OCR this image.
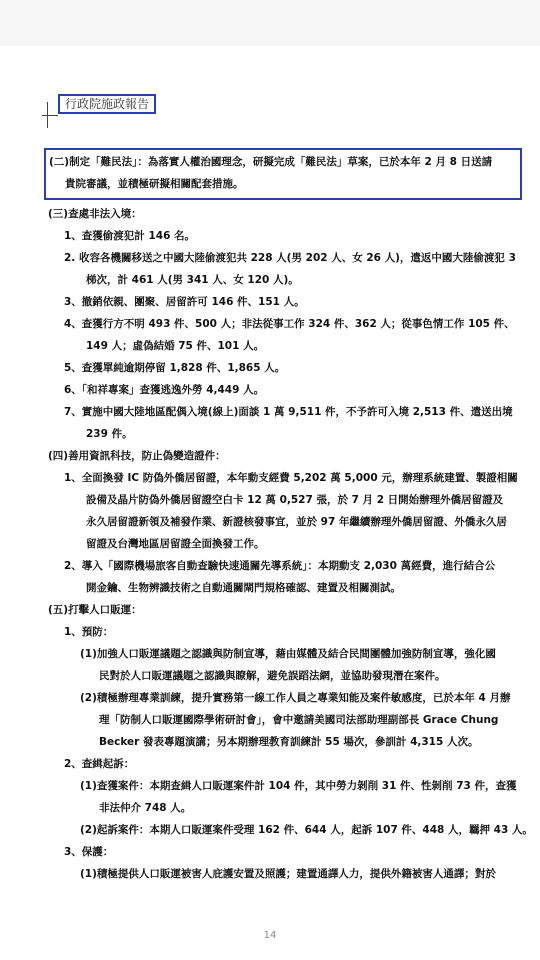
行政院施政報告
(二)制定「難民法」：為落實人權治國理念，研擬完成「難民法」草案，已於本年 2 月 8 日送請
貴院審議，並積極研擬相關配套措施。
(三)查處非法入境：
1、查獲偷渡犯計 146 名。
2. 收容各機關移送之中國大陸偷渡犯共 228 人(男 202 人、女 26 人)，遣返中國大陸偷渡犯 3
梯次，計 461 人(男 341 人、女 120 人)。
3、撤銷依親、團聚、居留許可 146 件、151 人。
4、查獲行方不明 493 件、500 人；非法從事工作 324 件、362 人；從事色情工作 105 件、
149 人；虛偽結婚 75 件、101 人。
5、查獲單純逾期停留 1,828 件、1,865 人。
6、「和祥專案」查獲逃逸外勞 4,449 人。
7、實施中國大陸地區配偶入境(線上)面談 1 萬 9,511 件，不予許可入境 2,513 件、遣送出境
239 件。
(四)善用資訊科技，防止偽變造證件：
1、全面換發 IC 防偽外僑居留證，本年動支經費 5,202 萬 5,000 元，辦理系統建置、製證相關
設備及晶片防偽外僑居留證空白卡 12 萬 0,527 張，於 7 月 2 日開始辦理外僑居留證及
永久居留證新領及補發作業、新證核發事宜，並於 97 年繼續辦理外僑居留證、外僑永久居
留證及台灣地區居留證全面換發工作。
2、導入「國際機場旅客自動查驗快速通關先導系統」：本期動支 2,030 萬經費，進行結合公
開金鑰、生物辨識技術之自動通關閘門規格確認、建置及相關測試。
(五)打擊人口販運：
1、預防：
(1)加強人口販運議題之認識與防制宣導，藉由媒體及結合民間團體加強防制宣導，強化國
民對於人口販運議題之認識與瞭解，避免誤蹈法網，並協助發現潛在案件。
(2)積極辦理專業訓練，提升實務第一線工作人員之專業知能及案件敏感度，已於本年 4 月辦
理「防制人口販運國際學術研討會」，會中邀請美國司法部助理副部長 Grace Chung
Becker 發表專題演講；另本期辦理教育訓練計 55 場次，參訓計 4,315 人次。
2、查緝起訴：
(1)查獲案件：本期查緝人口販運案件計 104 件，其中勞力剝削 31 件、性剝削 73 件，查獲
非法仲介 748 人。
(2)起訴案件：本期人口販運案件受理 162 件、644 人，起訴 107 件、448 人，羈押 43 人。
3、保護：
(1)積極提供人口販運被害人庇護安置及照護；建置通譯人力，提供外籍被害人通譯；對於
14
